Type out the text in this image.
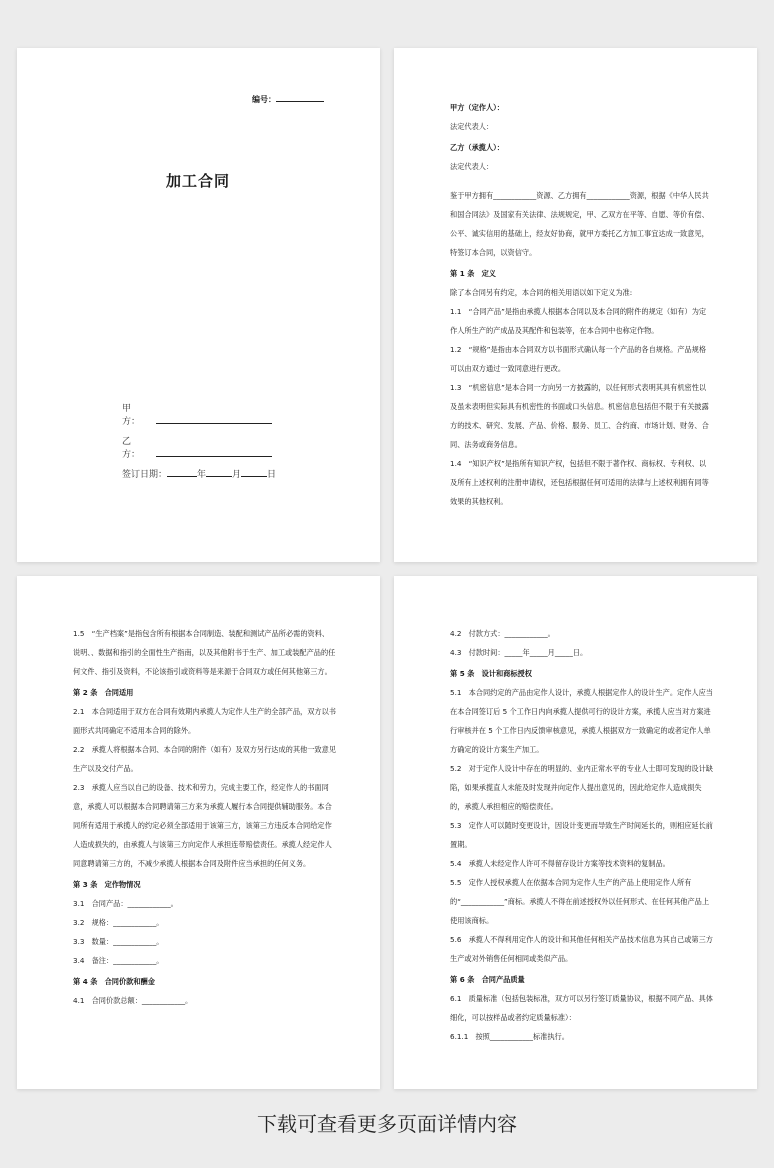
编号：
加工合同
甲　方：
乙　方：
签订日期：	年	月	日

甲方（定作人）：

法定代表人：

乙方（承揽人）：

法定代表人：

鉴于甲方拥有____________资源、乙方拥有____________资源，根据《中华人民共和国合同法》及国家有关法律、法规规定，甲、乙双方在平等、自愿、等价有偿、公平、诚实信用的基础上，经友好协商，就甲方委托乙方加工事宜达成一致意见，特签订本合同，以资信守。

第 1 条　定义

除了本合同另有约定，本合同的相关用语以如下定义为准:

1.1　“合同产品”是指由承揽人根据本合同以及本合同的附件的规定（如有）为定作人所生产的产成品及其配件和包装等，在本合同中也称定作物。

1.2　“规格”是指由本合同双方以书面形式确认每一个产品的各自规格。产品规格可以由双方通过一致同意进行更改。

1.3　“机密信息”是本合同一方向另一方披露的，以任何形式表明其具有机密性以及虽未表明但实际具有机密性的书面或口头信息。机密信息包括但不限于有关披露方的技术、研究、发展、产品、价格、服务、员工、合约商、市场计划、财务、合同、法务或商务信息。

1.4　“知识产权”是指所有知识产权，包括但不限于著作权、商标权、专利权、以及所有上述权利的注册申请权，还包括根据任何可适用的法律与上述权利拥有同等效果的其他权利。

1.5　“生产档案”是指包含所有根据本合同制造、装配和测试产品所必需的资料、说明、、数据和指引的全面性生产指南，以及其他附书于生产、加工或装配产品的任何文件、指引及资料，不论该指引或资料等是来源于合同双方或任何其他第三方。

第 2 条　合同适用

2.1　本合同适用于双方在合同有效期内承揽人为定作人生产的全部产品，双方以书面形式共同确定不适用本合同的除外。

2.2　承揽人将根据本合同、本合同的附件（如有）及双方另行达成的其他一致意见生产以及交付产品。

2.3　承揽人应当以自己的设备、技术和劳力，完成主要工作，经定作人的书面同意，承揽人可以根据本合同聘请第三方来为承揽人履行本合同提供辅助服务。本合同所有适用于承揽人的约定必须全部适用于该第三方，该第三方违反本合同给定作人造成损失的，由承揽人与该第三方向定作人承担连带赔偿责任。承揽人经定作人同意聘请第三方的，不减少承揽人根据本合同及附件应当承担的任何义务。

第 3 条　定作物情况

3.1　合同产品：____________。

3.2　规格：____________。

3.3　数量：____________。

3.4　备注：____________。

第 4 条　合同价款和酬金

4.1　合同价款总额：____________。

4.2　付款方式：____________。

4.3　付款时间：_____年_____月_____日。

第 5 条　设计和商标授权

5.1　本合同约定的产品由定作人设计，承揽人根据定作人的设计生产。定作人应当在本合同签订后 5 个工作日内向承揽人提供可行的设计方案，承揽人应当对方案进行审核并在 5 个工作日内反馈审核意见，承揽人根据双方一致确定的或者定作人单方确定的设计方案生产加工。

5.2　对于定作人设计中存在的明显的、业内正常水平的专业人士即可发现的设计缺陷，如果承揽直人未能及时发现并向定作人提出意见的，因此给定作人造成损失的，承揽人承担相应的赔偿责任。

5.3　定作人可以随时变更设计，因设计变更而导致生产时间延长的，则相应延长前置期。

5.4　承揽人未经定作人许可不得留存设计方案等技术资料的复制品。

5.5　定作人授权承揽人在依据本合同为定作人生产的产品上使用定作人所有的“____________”商标。承揽人不得在前述授权外以任何形式、在任何其他产品上使用该商标。

5.6　承揽人不得利用定作人的设计和其他任何相关产品技术信息为其自己或第三方生产或对外销售任何相同或类似产品。

第 6 条　合同产品质量

6.1　质量标准（包括包装标准，双方可以另行签订质量协议，根据不同产品、具体细化，可以按样品或者约定质量标准）：

6.1.1　按照____________标准执行。

下载可查看更多页面详情内容
